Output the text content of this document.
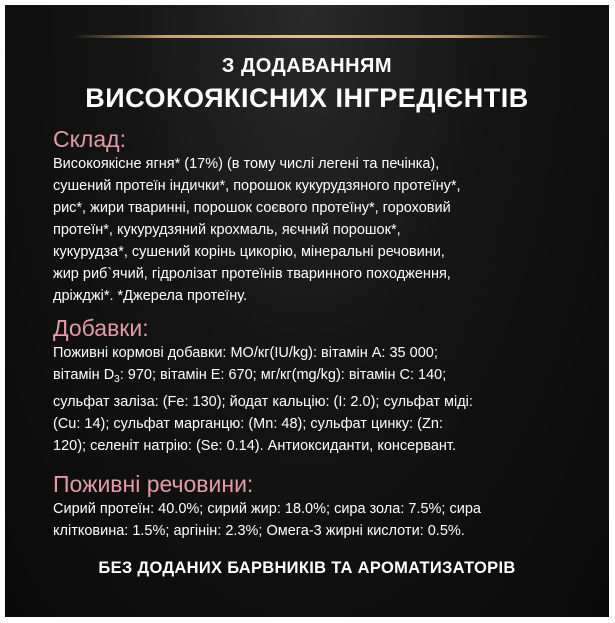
З ДОДАВАННЯМ
ВИСОКОЯКІСНИХ ІНГРЕДІЄНТІВ
Склад:
Високоякісне ягня* (17%) (в тому числі легені та печінка),
сушений протеїн індички*, порошок кукурудзяного протеїну*,
рис*, жири тваринні, порошок соєвого протеїну*, гороховий
протеїн*, кукурудзяний крохмаль, яєчний порошок*,
кукурудза*, сушений корінь цикорію, мінеральні речовини,
жир риб`ячий, гідролізат протеїнів тваринного походження,
дріжджі*. *Джерела протеїну.
Добавки:
Поживні кормові добавки: МО/кг(IU/kg): вітамін А: 35 000;
вітамін $D_3$: 970; вітамін Е: 670; мг/кг(mg/kg): вітамін С: 140;
сульфат заліза: (Fe: 130); йодат кальцію: (I: 2.0); сульфат міді:
(Cu: 14); сульфат марганцю: (Mn: 48); сульфат цинку: (Zn:
120); селеніт натрію: (Se: 0.14). Антиоксиданти, консервант.
Поживні речовини:
Сирий протеїн: 40.0%; сирий жир: 18.0%; сира зола: 7.5%; сира
клітковина: 1.5%; аргінін: 2.3%; Омега-3 жирні кислоти: 0.5%.
БЕЗ ДОДАНИХ БАРВНИКІВ ТА АРОМАТИЗАТОРІВ
